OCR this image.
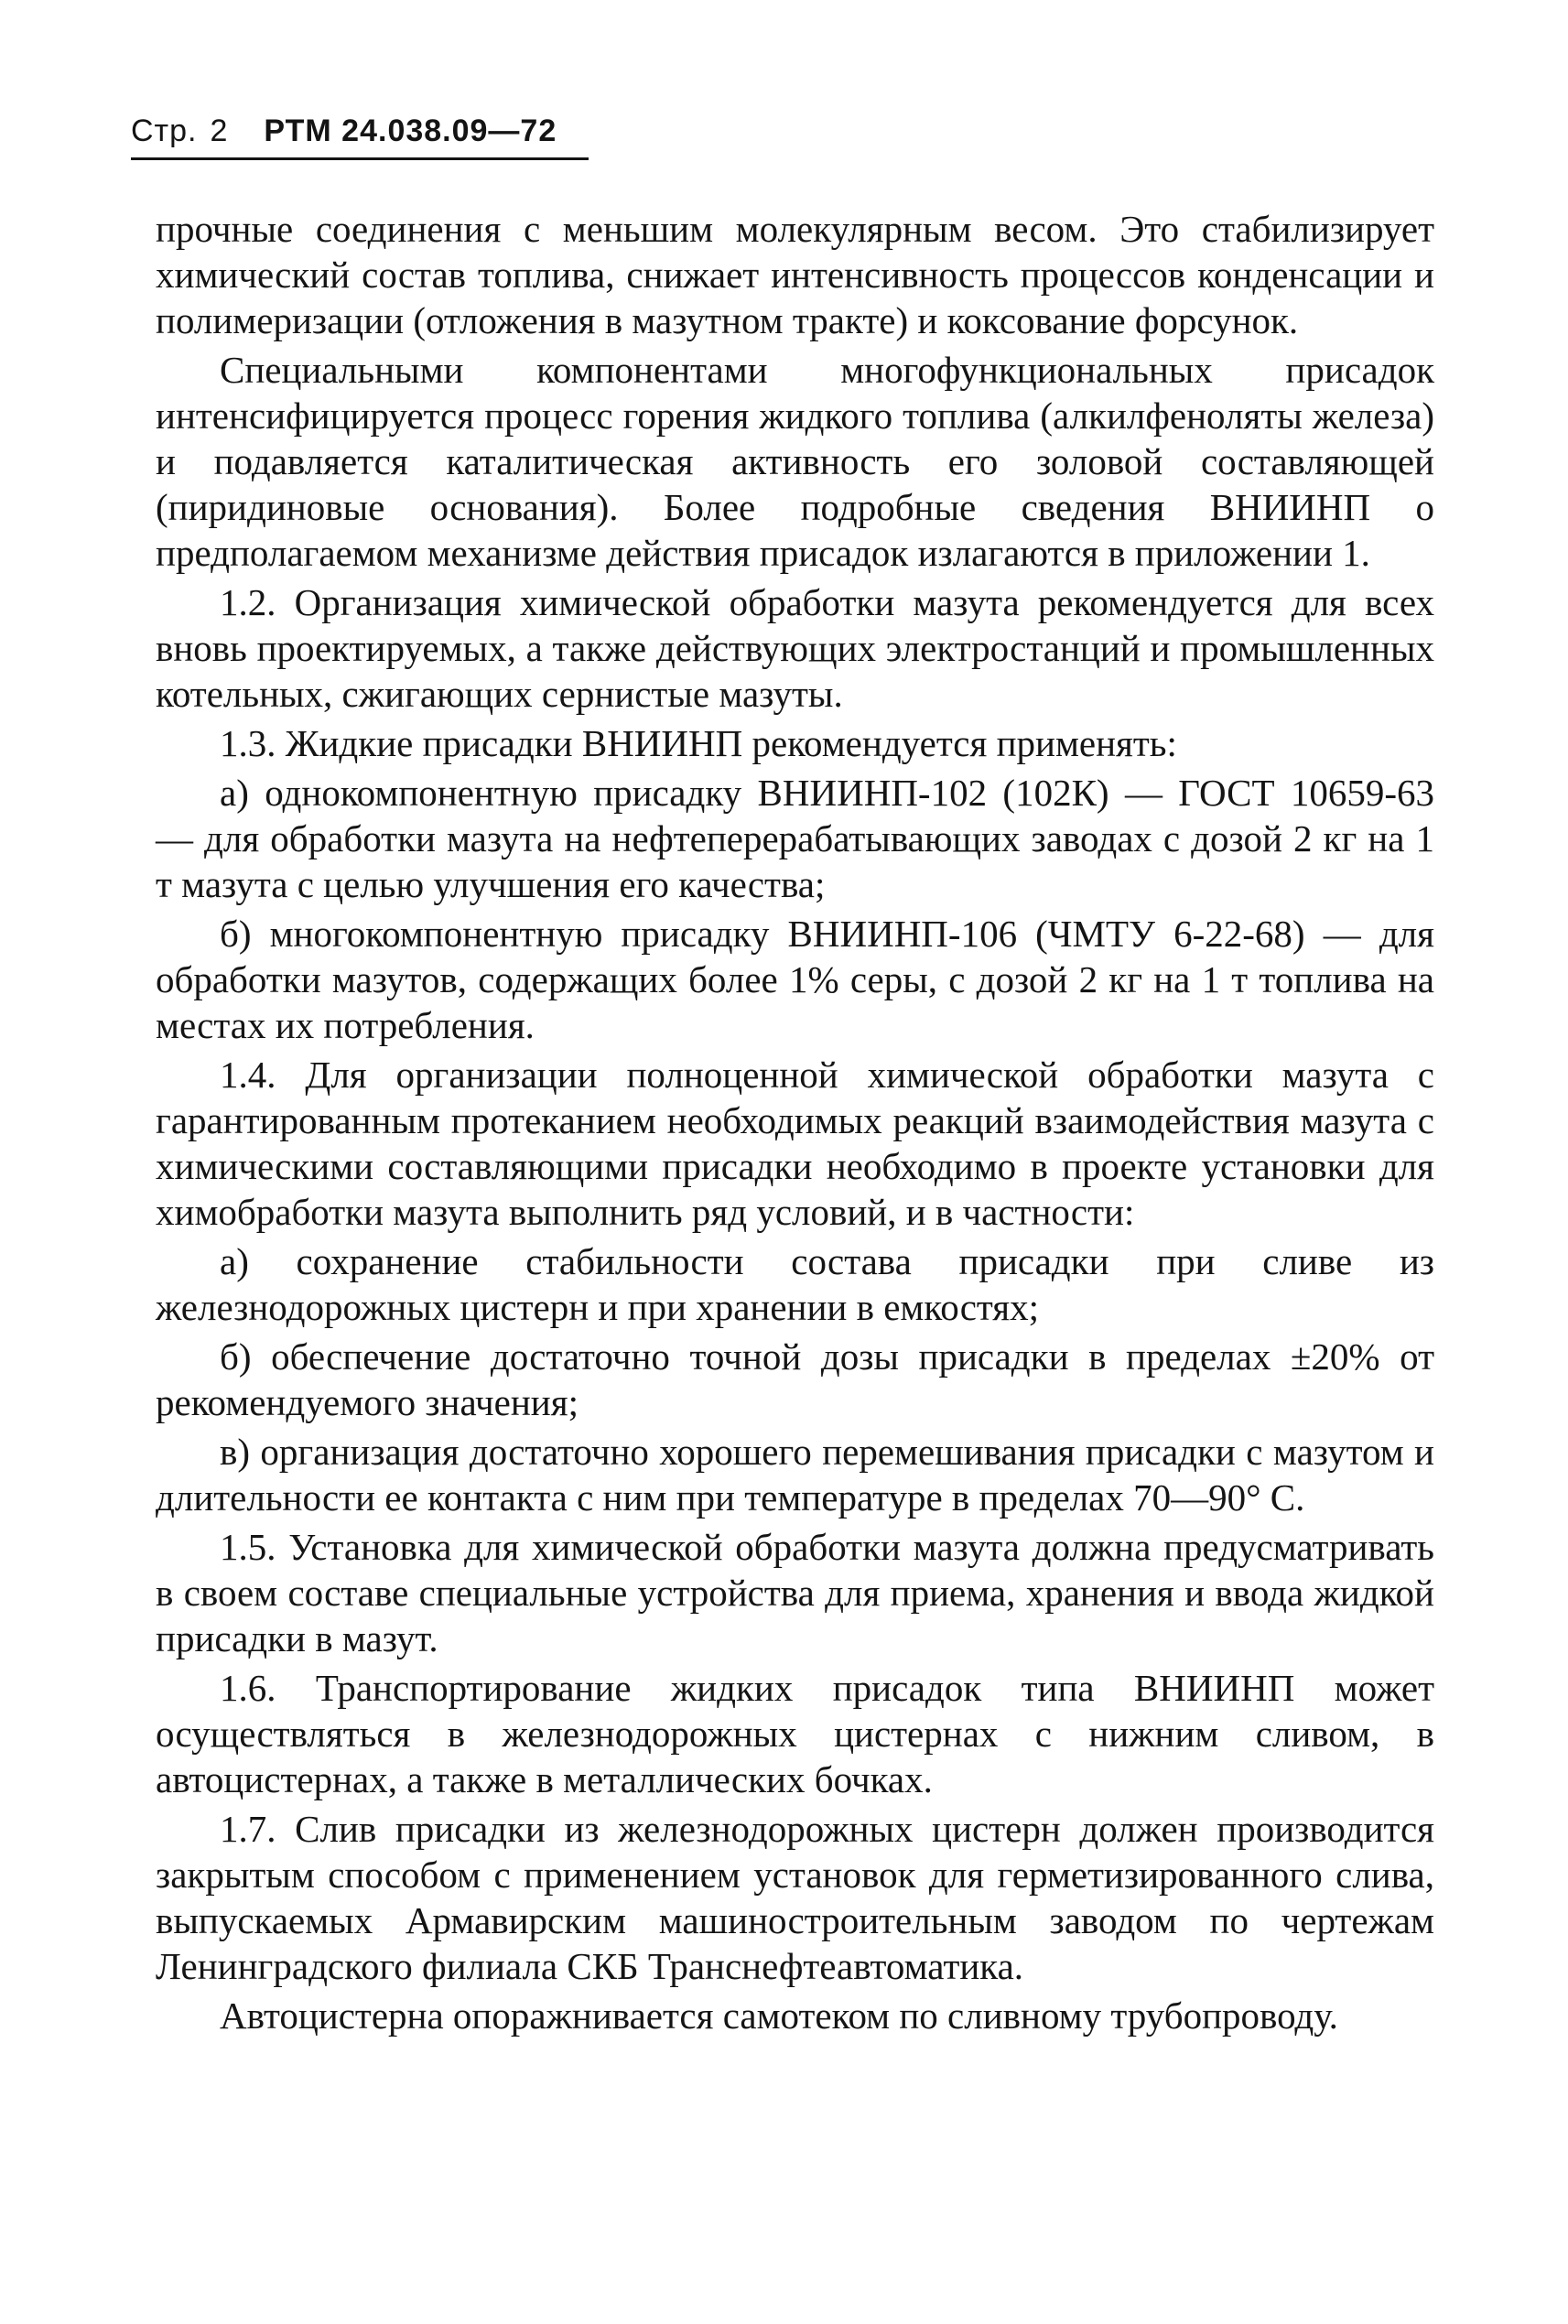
Стр. 2 РТМ 24.038.09—72

прочные соединения с меньшим молекулярным весом. Это стабилизирует химический состав топлива, снижает интенсивность процессов конденсации и полимеризации (отложения в мазутном тракте) и коксование форсунок.

Специальными компонентами многофункциональных присадок интенсифицируется процесс горения жидкого топлива (алкилфеноляты железа) и подавляется каталитическая активность его золовой составляющей (пиридиновые основания). Более подробные сведения ВНИИНП о предполагаемом механизме действия присадок излагаются в приложении 1.

1.2. Организация химической обработки мазута рекомендуется для всех вновь проектируемых, а также действующих электростанций и промышленных котельных, сжигающих сернистые мазуты.

1.3. Жидкие присадки ВНИИНП рекомендуется применять:

а) однокомпонентную присадку ВНИИНП-102 (102К) — ГОСТ 10659-63 — для обработки мазута на нефтеперерабатывающих заводах с дозой 2 кг на 1 т мазута с целью улучшения его качества;

б) многокомпонентную присадку ВНИИНП-106 (ЧМТУ 6-22-68) — для обработки мазутов, содержащих более 1% серы, с дозой 2 кг на 1 т топлива на местах их потребления.

1.4. Для организации полноценной химической обработки мазута с гарантированным протеканием необходимых реакций взаимодействия мазута с химическими составляющими присадки необходимо в проекте установки для химобработки мазута выполнить ряд условий, и в частности:

а) сохранение стабильности состава присадки при сливе из железнодорожных цистерн и при хранении в емкостях;

б) обеспечение достаточно точной дозы присадки в пределах ±20% от рекомендуемого значения;

в) организация достаточно хорошего перемешивания присадки с мазутом и длительности ее контакта с ним при температуре в пределах 70—90° С.

1.5. Установка для химической обработки мазута должна предусматривать в своем составе специальные устройства для приема, хранения и ввода жидкой присадки в мазут.

1.6. Транспортирование жидких присадок типа ВНИИНП может осуществляться в железнодорожных цистернах с нижним сливом, в автоцистернах, а также в металлических бочках.

1.7. Слив присадки из железнодорожных цистерн должен производится закрытым способом с применением установок для герметизированного слива, выпускаемых Армавирским машиностроительным заводом по чертежам Ленинградского филиала СКБ Транснефтеавтоматика.

Автоцистерна опоражнивается самотеком по сливному трубопроводу.
